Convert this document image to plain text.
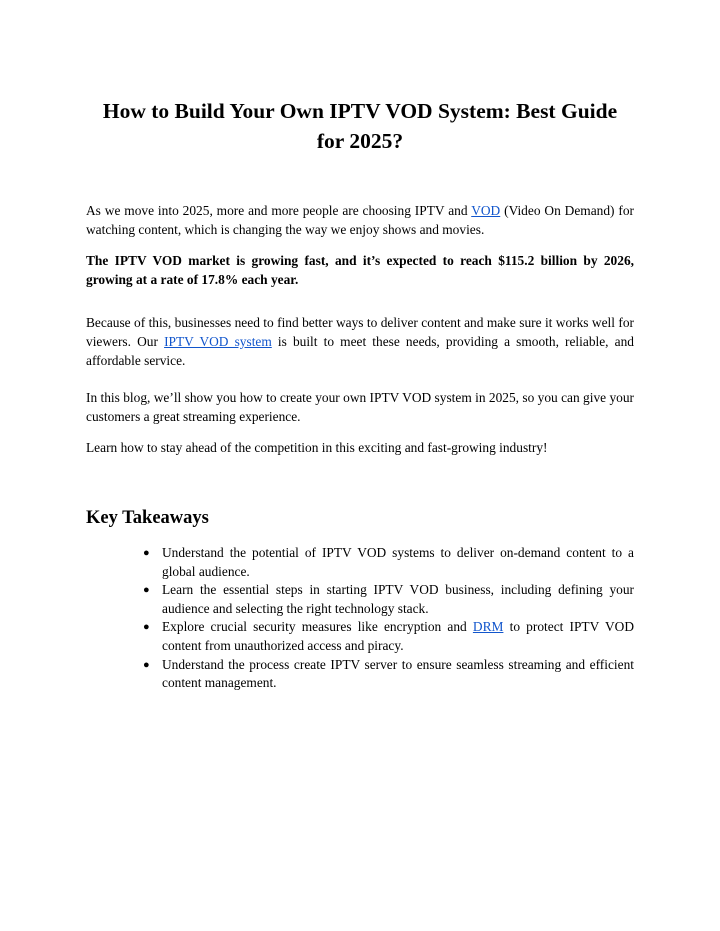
How to Build Your Own IPTV VOD System: Best Guide for 2025?

As we move into 2025, more and more people are choosing IPTV and VOD (Video On Demand) for watching content, which is changing the way we enjoy shows and movies.

The IPTV VOD market is growing fast, and it’s expected to reach $115.2 billion by 2026, growing at a rate of 17.8% each year.

Because of this, businesses need to find better ways to deliver content and make sure it works well for viewers. Our IPTV VOD system is built to meet these needs, providing a smooth, reliable, and affordable service.

In this blog, we’ll show you how to create your own IPTV VOD system in 2025, so you can give your customers a great streaming experience.

Learn how to stay ahead of the competition in this exciting and fast-growing industry!

Key Takeaways
● Understand the potential of IPTV VOD systems to deliver on-demand content to a global audience.
● Learn the essential steps in starting IPTV VOD business, including defining your audience and selecting the right technology stack.
● Explore crucial security measures like encryption and DRM to protect IPTV VOD content from unauthorized access and piracy.
● Understand the process create IPTV server to ensure seamless streaming and efficient content management.
